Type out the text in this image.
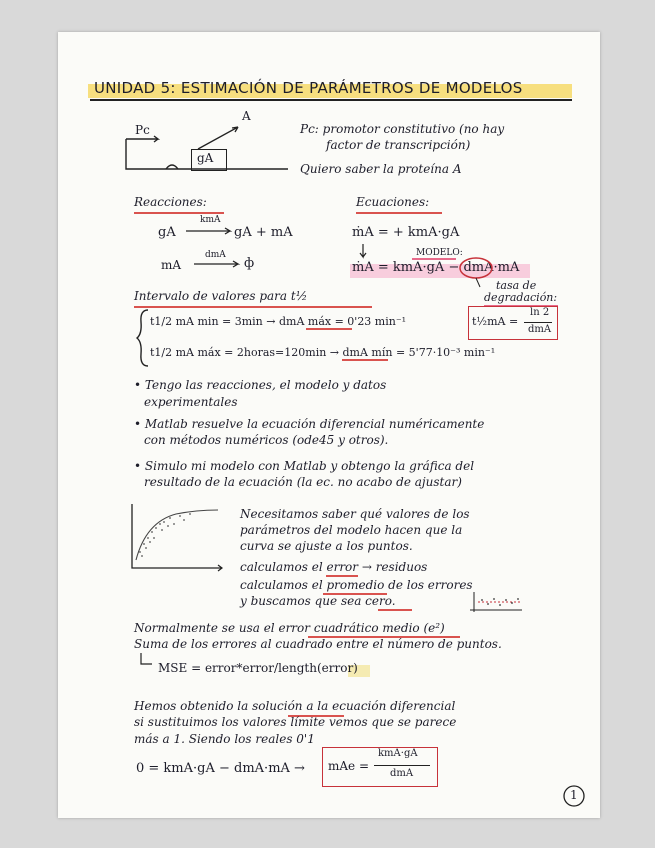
UNIDAD 5: ESTIMACIÓN DE PARÁMETROS DE MODELOS
Pc
A
gA
Pc: promotor constitutivo (no hay
factor de transcripción)
Quiero saber la proteína A
Reacciones:
gA
kmA
→ gA + mA
mA
dmA
→ ф
Ecuaciones:
ṁA = + kmA·gA
MODELO:
ṁA = kmA·gA − dmA·mA
tasa de
degradación:
t½mA =
ln 2
dmA
Intervalo de valores para t½
t1/2 mA min = 3min → dmA máx = 0'23 min⁻¹
t1/2 mA máx = 2horas=120min → dmA mín = 5'77·10⁻³ min⁻¹
• Tengo las reacciones, el modelo y datos
experimentales
• Matlab resuelve la ecuación diferencial numéricamente
con métodos numéricos (ode45 y otros).
• Simulo mi modelo con Matlab y obtengo la gráfica del
resultado de la ecuación (la ec. no acabo de ajustar)
Necesitamos saber qué valores de los
parámetros del modelo hacen que la
curva se ajuste a los puntos.
calculamos el error → residuos
calculamos el promedio de los errores
y buscamos que sea cero.
Normalmente se usa el error cuadrático medio (e²)
Suma de los errores al cuadrado entre el número de puntos.
MSE = error*error/length(error)
Hemos obtenido la solución a la ecuación diferencial
si sustituimos los valores límite vemos que se parece
más a 1. Siendo los reales 0'1
0 = kmA·gA − dmA·mA → mAe =
kmA·gA
dmA
1
